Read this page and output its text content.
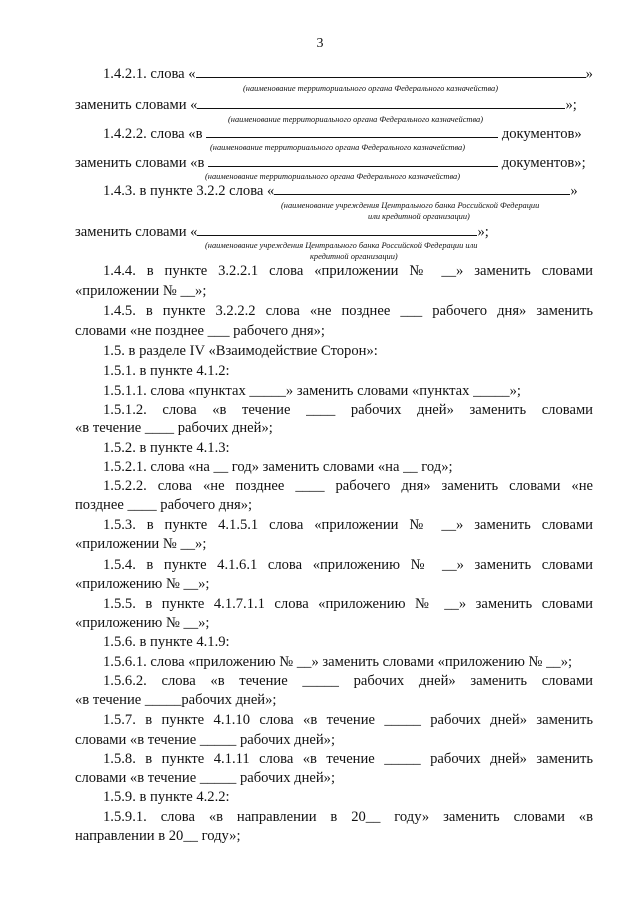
3
1.4.2.1. слова «	»
(наименование территориального органа Федерального казначейства)
заменить словами «	»;
(наименование территориального органа Федерального казначейства)
1.4.2.2. слова «в	документов»
(наименование территориального органа Федерального казначейства)
заменить словами «в	документов»;
(наименование территориального органа Федерального казначейства)
1.4.3. в пункте 3.2.2 слова «	»
(наименование учреждения Центрального банка Российской Федерации
или кредитной организации)
заменить словами «	»;
(наименование учреждения Центрального банка Российской Федерации или
кредитной организации)
1.4.4. в пункте 3.2.2.1 слова «приложении № __» заменить словами
«приложении № __»;
1.4.5. в пункте 3.2.2.2 слова «не позднее ___ рабочего дня» заменить
словами «не позднее ___ рабочего дня»;
1.5. в разделе IV «Взаимодействие Сторон»:
1.5.1. в пункте 4.1.2:
1.5.1.1. слова «пунктах _____» заменить словами «пунктах _____»;
1.5.1.2. слова «в течение ____ рабочих дней» заменить словами
«в течение ____ рабочих дней»;
1.5.2. в пункте 4.1.3:
1.5.2.1. слова «на __ год» заменить словами «на __ год»;
1.5.2.2. слова «не позднее ____ рабочего дня» заменить словами «не
позднее ____ рабочего дня»;
1.5.3. в пункте 4.1.5.1 слова «приложении № __» заменить словами
«приложении № __»;
1.5.4. в пункте 4.1.6.1 слова «приложению № __» заменить словами
«приложению № __»;
1.5.5. в пункте 4.1.7.1.1 слова «приложению № __» заменить словами
«приложению № __»;
1.5.6. в пункте 4.1.9:
1.5.6.1. слова «приложению № __» заменить словами «приложению № __»;
1.5.6.2. слова «в течение _____ рабочих дней» заменить словами
«в течение _____рабочих дней»;
1.5.7. в пункте 4.1.10 слова «в течение _____ рабочих дней» заменить
словами «в течение _____ рабочих дней»;
1.5.8. в пункте 4.1.11 слова «в течение _____ рабочих дней» заменить
словами «в течение _____ рабочих дней»;
1.5.9. в пункте 4.2.2:
1.5.9.1. слова «в направлении в 20__ году» заменить словами «в
направлении в 20__ году»;
